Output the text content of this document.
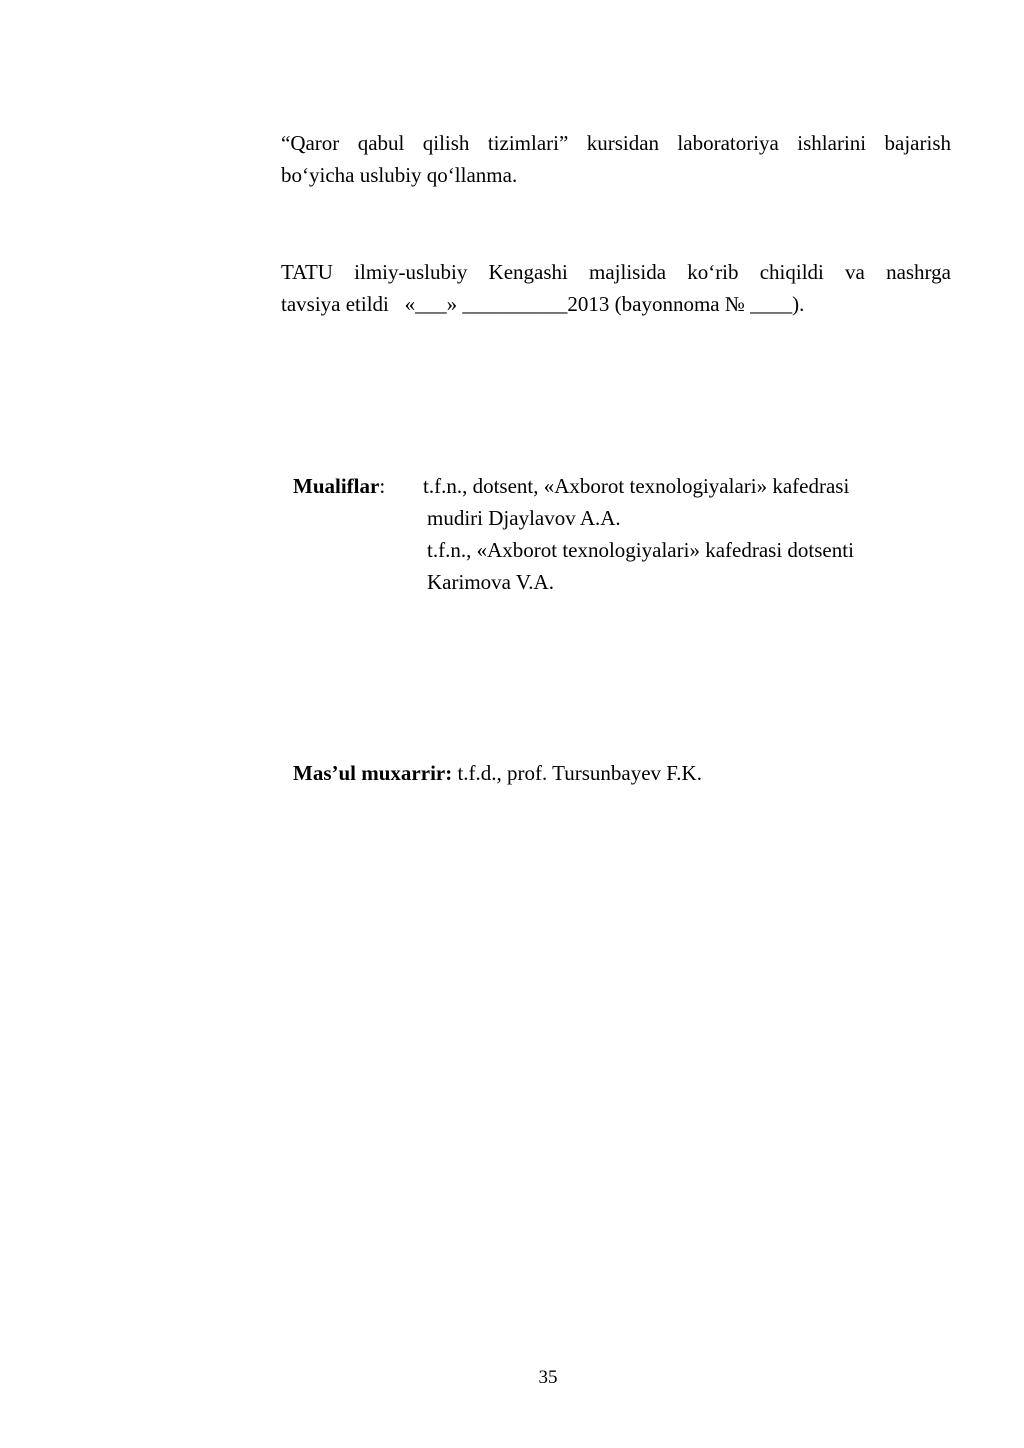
“Qaror qabul qilish tizimlari” kursidan laboratoriya ishlarini bajarish
bo‘yicha uslubiy qo‘llanma.
TATU ilmiy-uslubiy Kengashi majlisida ko‘rib chiqildi va nashrga
tavsiya etildi   «___» __________2013 (bayonnoma № ____).
Mualiflar:	t.f.n., dotsent, «Axborot texnologiyalari» kafedrasi
mudiri Djaylavov A.A.
t.f.n., «Axborot texnologiyalari» kafedrasi dotsenti
Karimova V.A.
Mas’ul muxarrir: t.f.d., prof. Tursunbayev F.K.
35
